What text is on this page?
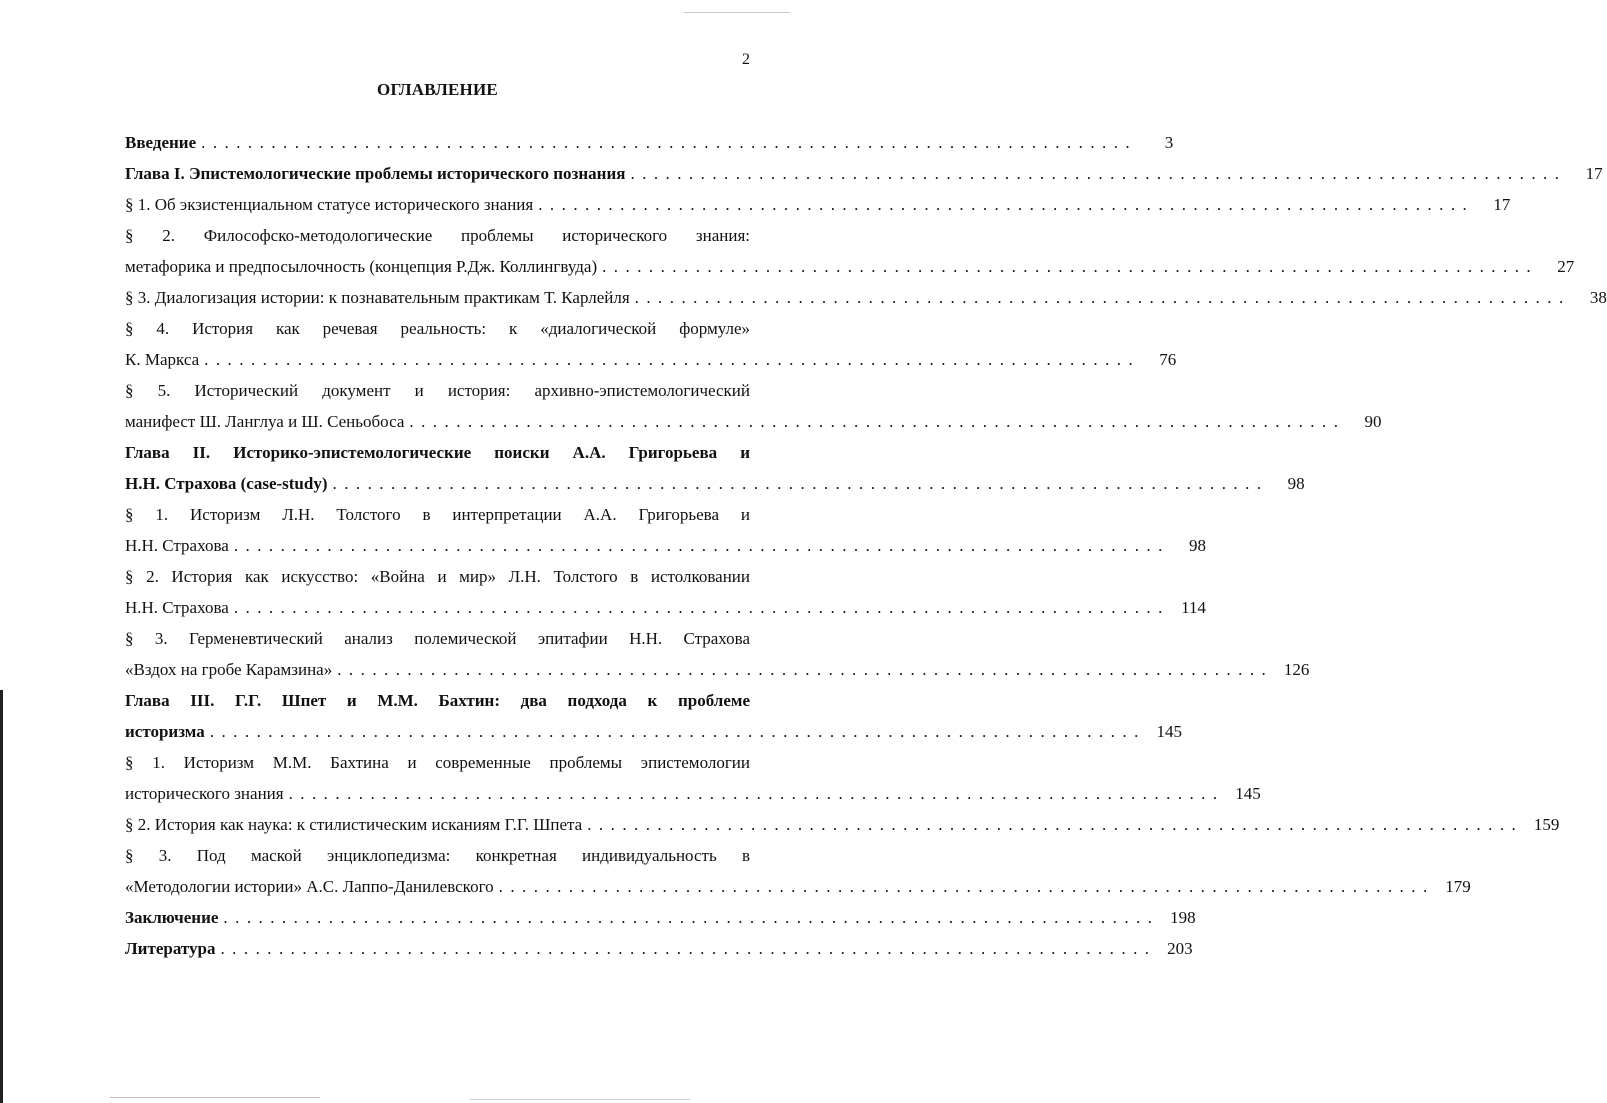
2
ОГЛАВЛЕНИЕ
Введение . . . . . . . . . . . . . . . . . . . . . . . . . . . . . . . . . . . . . . . . . . . . . . . . . . . . . . . . . . . . . . . . . . . . . . . . . . . . . . . .	3
Глава I. Эпистемологические проблемы исторического познания . . . . . . . . . . . . . . . . . . . . . . . . . . . . . . . . . . . . . . . . . . . . . . . . . . . . . . . . . . . . . . . . . . . . . . . . . . . . . . . .	17
§ 1. Об экзистенциальном статусе исторического знания . . . . . . . . . . . . . . . . . . . . . . . . . . . . . . . . . . . . . . . . . . . . . . . . . . . . . . . . . . . . . . . . . . . . . . . . . . . . . . . .	17
§ 2. Философско-методологические проблемы исторического знания:
метафорика и предпосылочность (концепция Р.Дж. Коллингвуда) . . . . . . . . . . . . . . . . . . . . . . . . . . . . . . . . . . . . . . . . . . . . . . . . . . . . . . . . . . . . . . . . . . . . . . . . . . . . . . . .	27
§ 3. Диалогизация истории: к познавательным практикам Т. Карлейля . . . . . . . . . . . . . . . . . . . . . . . . . . . . . . . . . . . . . . . . . . . . . . . . . . . . . . . . . . . . . . . . . . . . . . . . . . . . . . . .	38
§ 4. История как речевая реальность: к «диалогической формуле»
К. Маркса . . . . . . . . . . . . . . . . . . . . . . . . . . . . . . . . . . . . . . . . . . . . . . . . . . . . . . . . . . . . . . . . . . . . . . . . . . . . . . . .	76
§ 5. Исторический документ и история: архивно-эпистемологический
манифест Ш. Ланглуа и Ш. Сеньобоса . . . . . . . . . . . . . . . . . . . . . . . . . . . . . . . . . . . . . . . . . . . . . . . . . . . . . . . . . . . . . . . . . . . . . . . . . . . . . . . .	90
Глава II. Историко-эпистемологические поиски А.А. Григорьева и
Н.Н. Страхова (case-study) . . . . . . . . . . . . . . . . . . . . . . . . . . . . . . . . . . . . . . . . . . . . . . . . . . . . . . . . . . . . . . . . . . . . . . . . . . . . . . . .	98
§ 1. Историзм Л.Н. Толстого в интерпретации А.А. Григорьева и
Н.Н. Страхова . . . . . . . . . . . . . . . . . . . . . . . . . . . . . . . . . . . . . . . . . . . . . . . . . . . . . . . . . . . . . . . . . . . . . . . . . . . . . . . .	98
§ 2. История как искусство: «Война и мир» Л.Н. Толстого в истолковании
Н.Н. Страхова . . . . . . . . . . . . . . . . . . . . . . . . . . . . . . . . . . . . . . . . . . . . . . . . . . . . . . . . . . . . . . . . . . . . . . . . . . . . . . . .	114
§ 3. Герменевтический анализ полемической эпитафии Н.Н. Страхова
«Вздох на гробе Карамзина» . . . . . . . . . . . . . . . . . . . . . . . . . . . . . . . . . . . . . . . . . . . . . . . . . . . . . . . . . . . . . . . . . . . . . . . . . . . . . . . . 126
Глава III. Г.Г. Шпет и М.М. Бахтин: два подхода к проблеме
историзма . . . . . . . . . . . . . . . . . . . . . . . . . . . . . . . . . . . . . . . . . . . . . . . . . . . . . . . . . . . . . . . . . . . . . . . . . . . . . . . . 145
§ 1. Историзм М.М. Бахтина и современные проблемы эпистемологии
исторического знания . . . . . . . . . . . . . . . . . . . . . . . . . . . . . . . . . . . . . . . . . . . . . . . . . . . . . . . . . . . . . . . . . . . . . . . . . . . . . . . . 145
§ 2. История как наука: к стилистическим исканиям Г.Г. Шпета . . . . . . . . . . . . . . . . . . . . . . . . . . . . . . . . . . . . . . . . . . . . . . . . . . . . . . . . . . . . . . . . . . . . . . . . . . . . . . . . 159
§ 3. Под маской энциклопедизма: конкретная индивидуальность в
«Методологии истории» А.С. Лаппо-Данилевского . . . . . . . . . . . . . . . . . . . . . . . . . . . . . . . . . . . . . . . . . . . . . . . . . . . . . . . . . . . . . . . . . . . . . . . . . . . . . . . . 179
Заключение . . . . . . . . . . . . . . . . . . . . . . . . . . . . . . . . . . . . . . . . . . . . . . . . . . . . . . . . . . . . . . . . . . . . . . . . . . . . . . . . 198
Литература . . . . . . . . . . . . . . . . . . . . . . . . . . . . . . . . . . . . . . . . . . . . . . . . . . . . . . . . . . . . . . . . . . . . . . . . . . . . . . . . 203
